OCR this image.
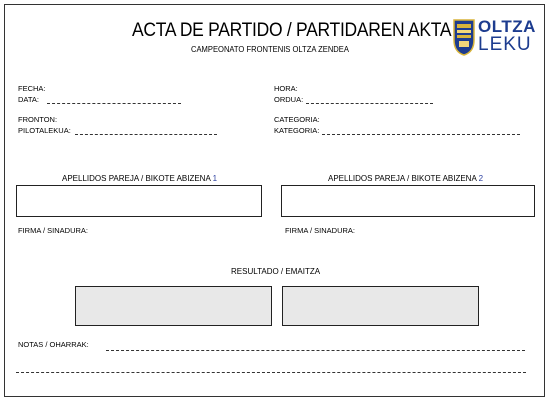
ACTA DE PARTIDO / PARTIDAREN AKTA
CAMPEONATO FRONTENIS OLTZA ZENDEA
OLTZA
LEKU
FECHA:
DATA:
FRONTON:
PILOTALEKUA:
HORA:
ORDUA:
CATEGORIA:
KATEGORIA:
APELLIDOS PAREJA / BIKOTE ABIZENA 1
FIRMA / SINADURA:
APELLIDOS PAREJA / BIKOTE ABIZENA 2
FIRMA / SINADURA:
RESULTADO / EMAITZA
NOTAS / OHARRAK:
